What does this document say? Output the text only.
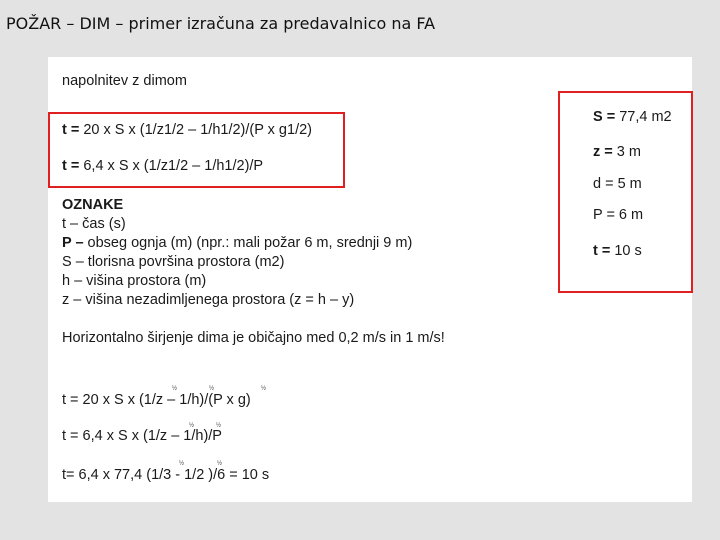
POŽAR – DIM – primer izračuna za predavalnico na FA
napolnitev z dimom
t = 20 x S x (1/z1/2 – 1/h1/2)/(P x g1/2)
t = 6,4 x S x (1/z1/2 – 1/h1/2)/P
S = 77,4 m2
z = 3 m
d = 5 m
P = 6 m
t = 10 s
OZNAKE
t – čas (s)
P – obseg ognja (m) (npr.: mali požar 6 m, srednji 9 m)
S – tlorisna površina prostora (m2)
h – višina prostora (m)
z – višina nezadimljenega prostora (z = h – y)
Horizontalno širjenje dima je običajno med 0,2 m/s in 1 m/s!
t = 20 x S x (1/z – 1/h)/(P x g)
½	½	½
t = 6,4 x S x (1/z – 1/h)/P
½	½
t= 6,4 x 77,4 (1/3 - 1/2 )/6 = 10 s
½	½
